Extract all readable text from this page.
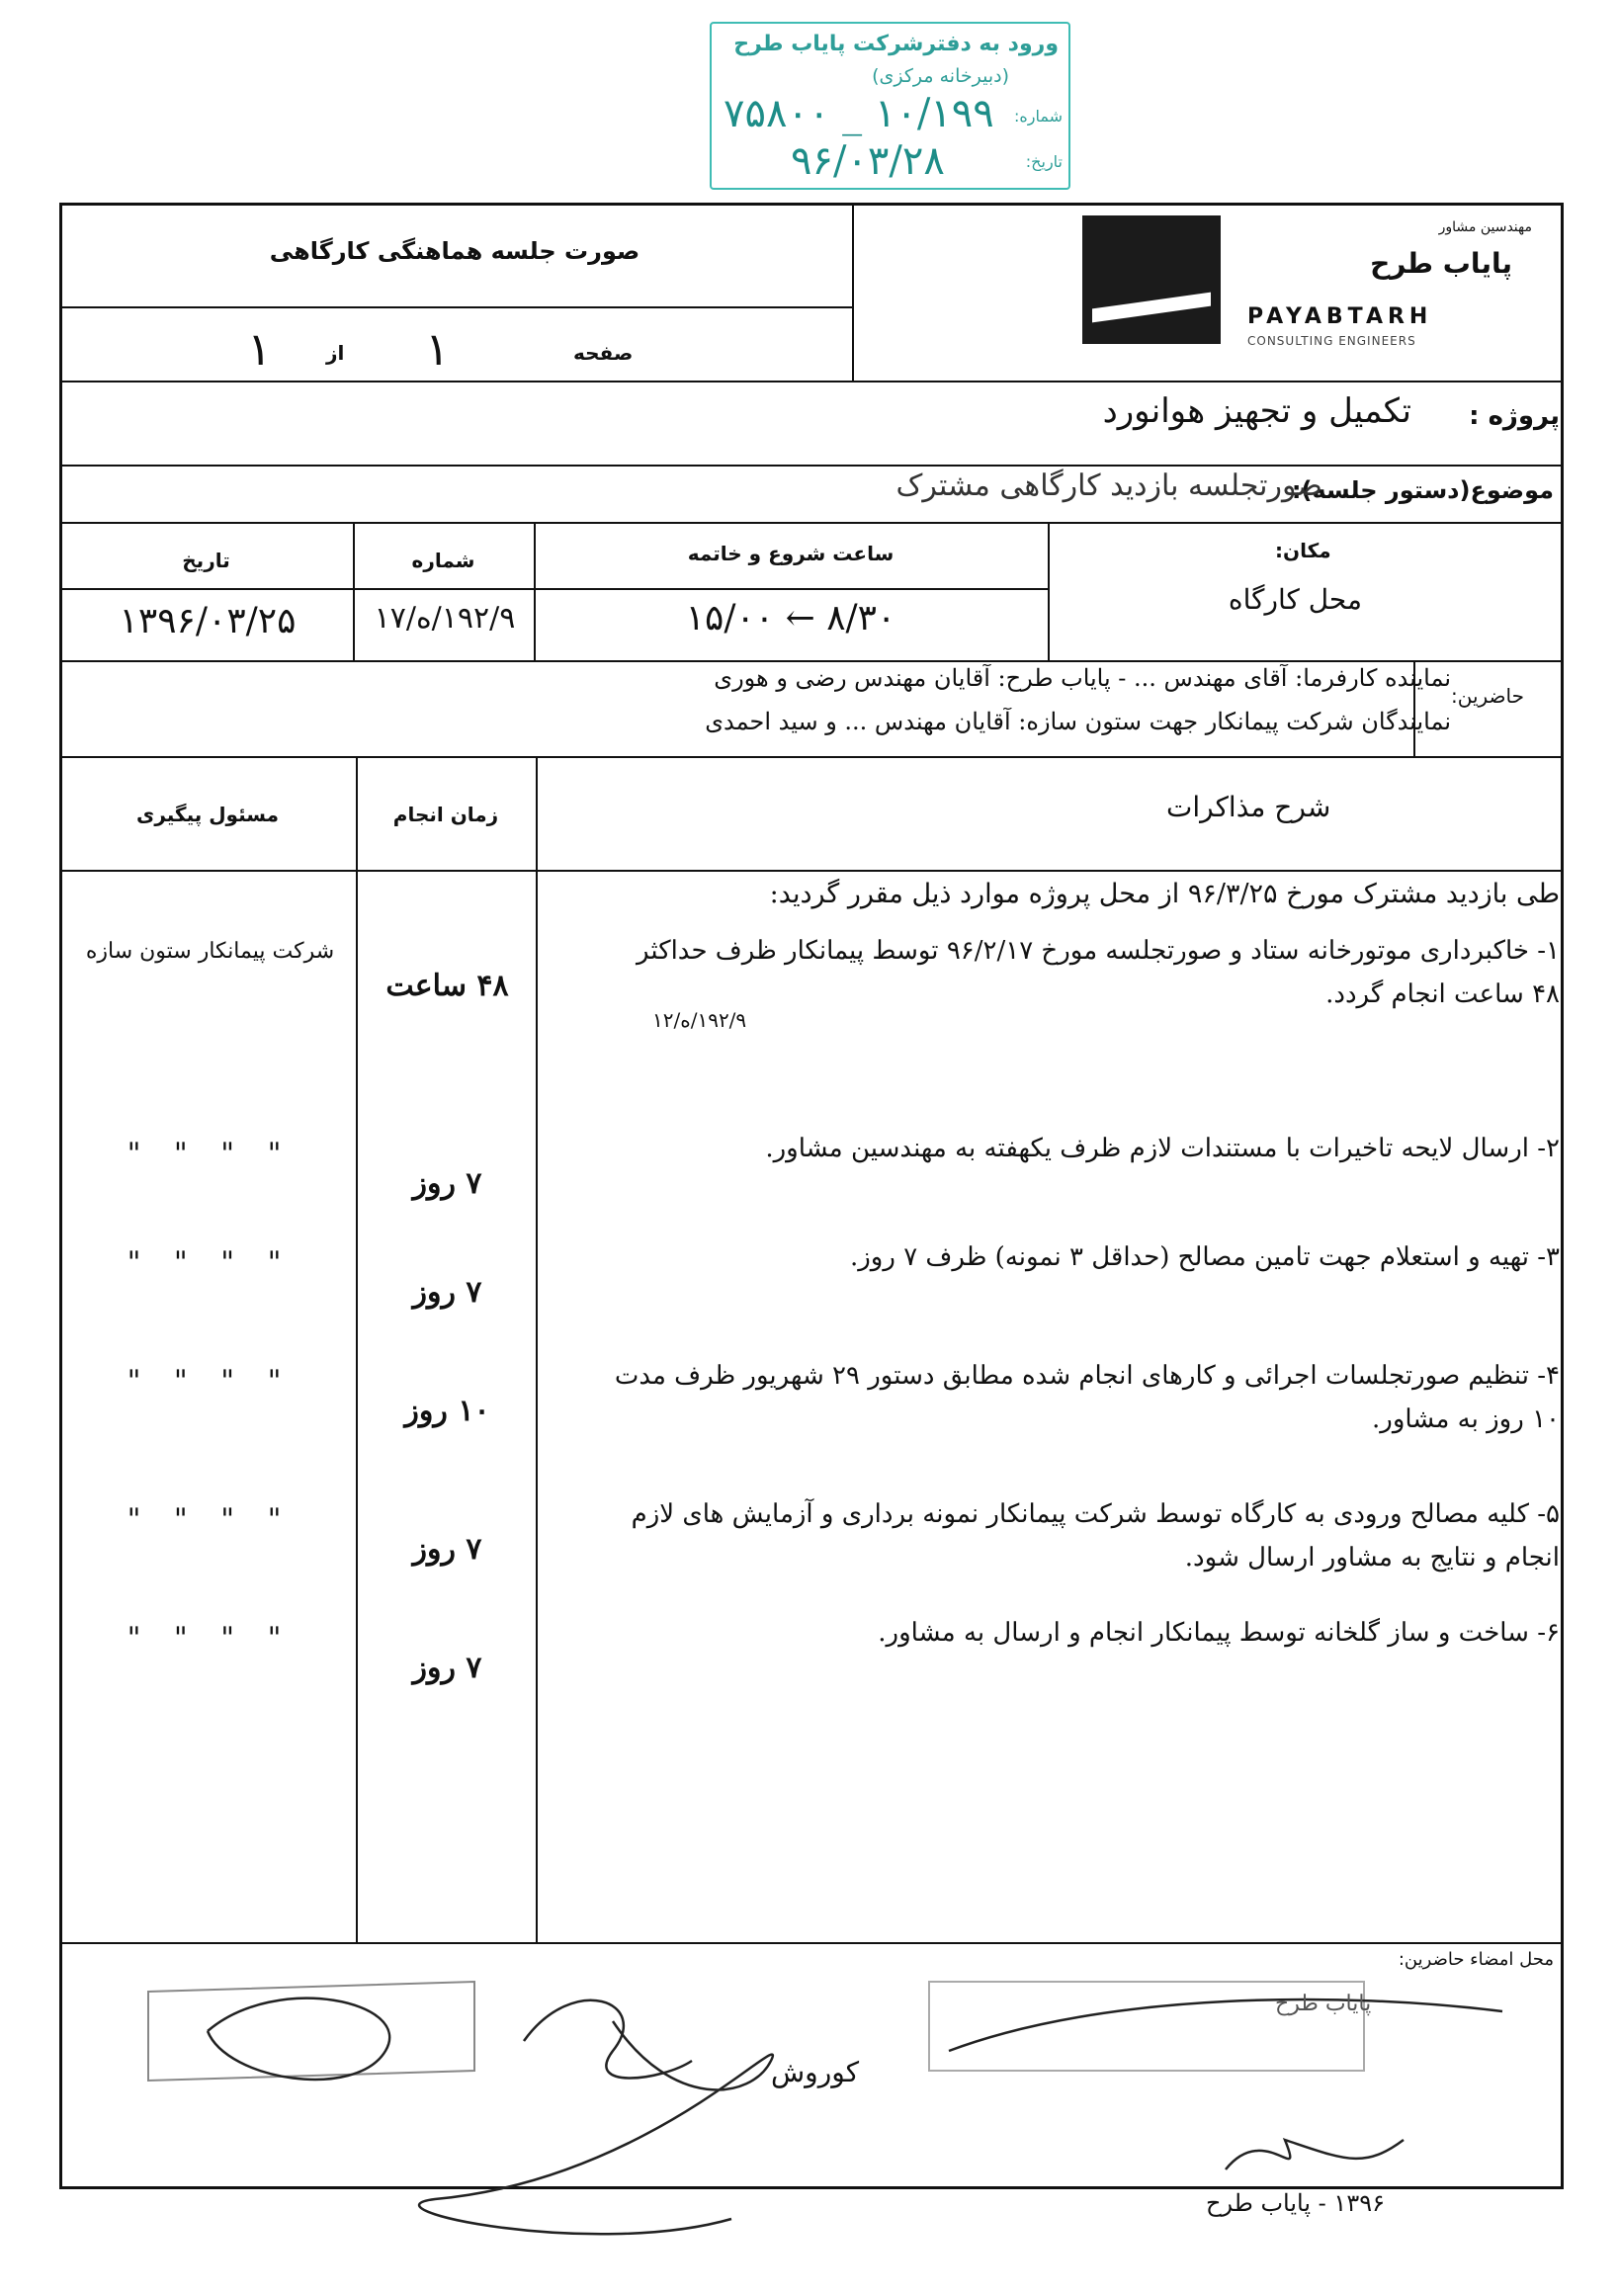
ورود به دفترشرکت پایاب طرح
(دبیرخانه مرکزی)
شماره:
۱۰/۱۹۹ _ ۷۵۸۰۰
تاریخ:
۹۶/۰۳/۲۸
صورت جلسه هماهنگی کارگاهی
صفحه
۱
از
۱
مهندسین مشاور
پایاب طرح
PAYABTARH
CONSULTING ENGINEERS
پروژه :
تکمیل و تجهیز هوانورد
موضوع(دستور جلسه):
صورتجلسه بازدید کارگاهی مشترک
مکان:
ساعت شروع و خاتمه
شماره
تاریخ
محل کارگاه
۸/۳۰ ← ۱۵/۰۰
۱۹۲/۹/ه/۱۷
۱۳۹۶/۰۳/۲۵
حاضرین:
نماینده کارفرما: آقای مهندس ... - پایاب طرح: آقایان مهندس رضی و هوری
نمایندگان شرکت پیمانکار جهت ستون سازه: آقایان مهندس ... و سید احمدی
شرح مذاکرات
زمان انجام
مسئول پیگیری
طی بازدید مشترک مورخ ۹۶/۳/۲۵ از محل پروژه موارد ذیل مقرر گردید:
۱- خاکبرداری موتورخانه ستاد و صورتجلسه مورخ ۹۶/۲/۱۷ توسط پیمانکار ظرف حداکثر ۴۸ ساعت انجام گردد.
۱۹۲/۹/ه/۱۲
۴۸ ساعت
شرکت پیمانکار ستون سازه
۲- ارسال لایحه تاخیرات با مستندات لازم ظرف یکهفته به مهندسین مشاور.
۷ روز
" " " "
۳- تهیه و استعلام جهت تامین مصالح (حداقل ۳ نمونه) ظرف ۷ روز.
۷ روز
" " " "
۴- تنظیم صورتجلسات اجرائی و کارهای انجام شده مطابق دستور ۲۹ شهریور ظرف مدت ۱۰ روز به مشاور.
۱۰ روز
" " " "
۵- کلیه مصالح ورودی به کارگاه توسط شرکت پیمانکار نمونه برداری و آزمایش های لازم انجام و نتایج به مشاور ارسال شود.
۷ روز
" " " "
۶- ساخت و ساز گلخانه توسط پیمانکار انجام و ارسال به مشاور.
۷ روز
" " " "
محل امضاء حاضرین:
پایاب طرح
کوروش
۱۳۹۶ - پایاب طرح
